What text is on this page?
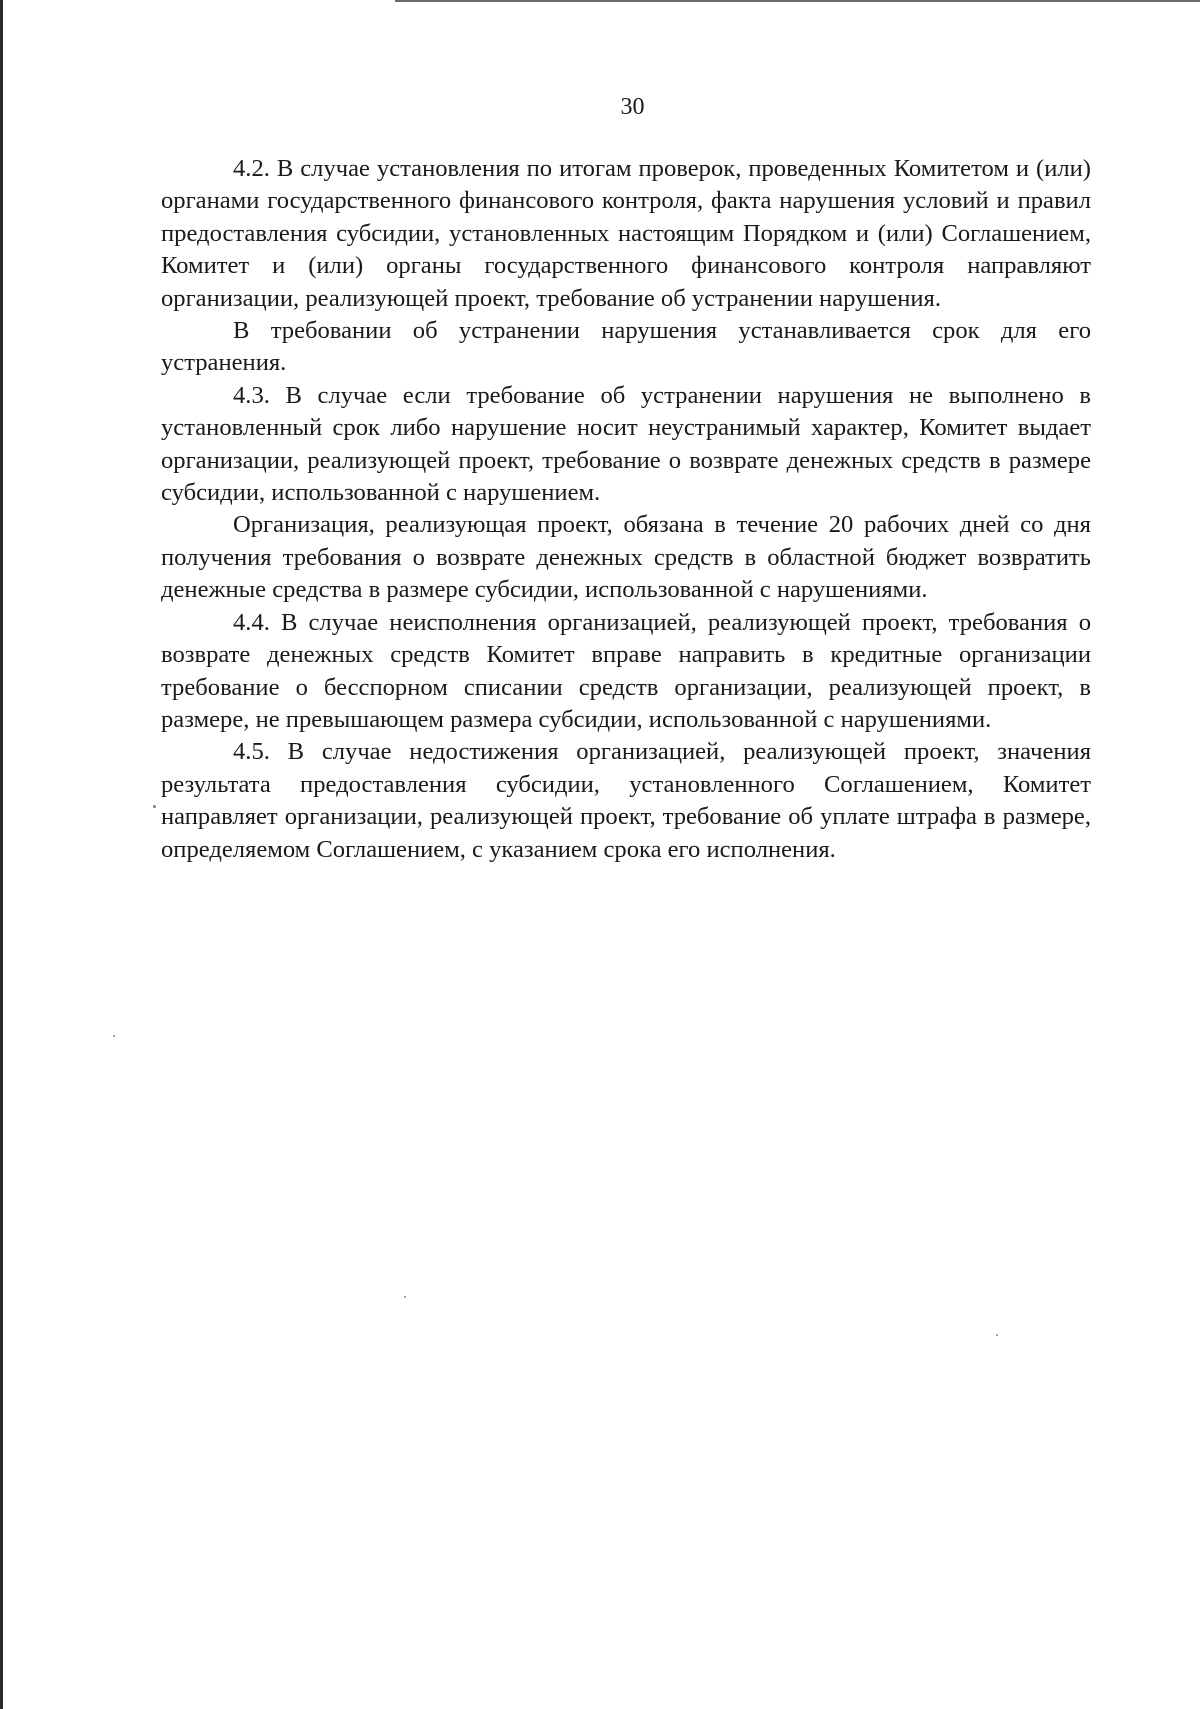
30

4.2. В случае установления по итогам проверок, проведенных Комитетом и (или) органами государственного финансового контроля, факта нарушения условий и правил предоставления субсидии, установленных настоящим Порядком и (или) Соглашением, Комитет и (или) органы государственного финансового контроля направляют организации, реализующей проект, требование об устранении нарушения.

В требовании об устранении нарушения устанавливается срок для его устранения.

4.3. В случае если требование об устранении нарушения не выполнено в установленный срок либо нарушение носит неустранимый характер, Комитет выдает организации, реализующей проект, требование о возврате денежных средств в размере субсидии, использованной с нарушением.

Организация, реализующая проект, обязана в течение 20 рабочих дней со дня получения требования о возврате денежных средств в областной бюджет возвратить денежные средства в размере субсидии, использованной с нарушениями.

4.4. В случае неисполнения организацией, реализующей проект, требования о возврате денежных средств Комитет вправе направить в кредитные организации требование о бесспорном списании средств организации, реализующей проект, в размере, не превышающем размера субсидии, использованной с нарушениями.

4.5. В случае недостижения организацией, реализующей проект, значения результата предоставления субсидии, установленного Соглашением, Комитет направляет организации, реализующей проект, требование об уплате штрафа в размере, определяемом Соглашением, с указанием срока его исполнения.
